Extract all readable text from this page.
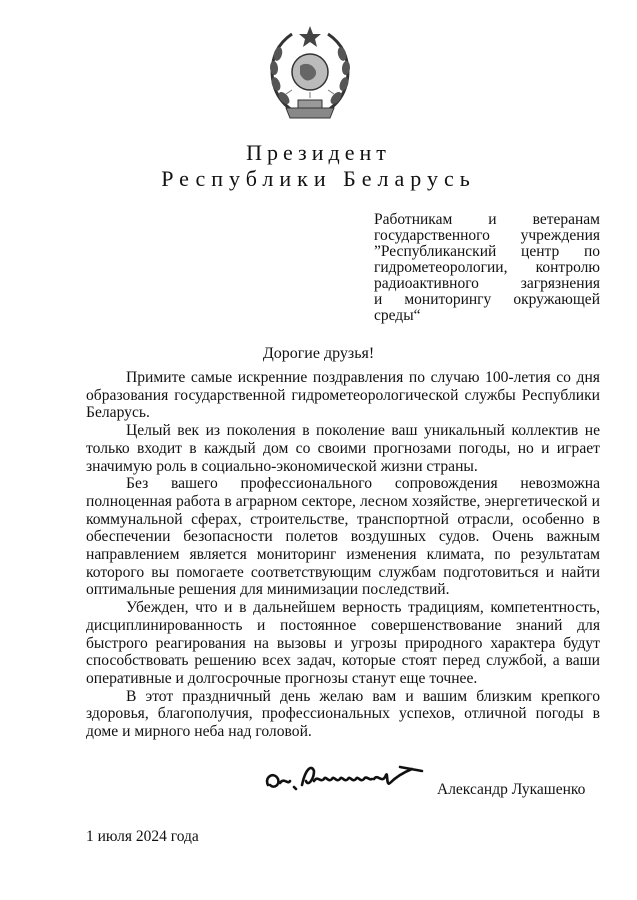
Президент
Республики Беларусь
Работникам и ветеранам
государственного учреждения
”Республиканский центр по
гидрометеорологии, контролю
радиоактивного загрязнения
и мониторингу окружающей
среды“
Дорогие друзья!

Примите самые искренние поздравления по случаю 100-летия со дня образования государственной гидрометеорологической службы Республики Беларусь.

Целый век из поколения в поколение ваш уникальный коллектив не только входит в каждый дом со своими прогнозами погоды, но и играет значимую роль в социально-экономической жизни страны.

Без вашего профессионального сопровождения невозможна полноценная работа в аграрном секторе, лесном хозяйстве, энергетической и коммунальной сферах, строительстве, транспортной отрасли, особенно в обеспечении безопасности полетов воздушных судов. Очень важным направлением является мониторинг изменения климата, по результатам которого вы помогаете соответствующим службам подготовиться и найти оптимальные решения для минимизации последствий.

Убежден, что и в дальнейшем верность традициям, компетентность, дисциплинированность и постоянное совершенствование знаний для быстрого реагирования на вызовы и угрозы природного характера будут способствовать решению всех задач, которые стоят перед службой, а ваши оперативные и долгосрочные прогнозы станут еще точнее.

В этот праздничный день желаю вам и вашим близким крепкого здоровья, благополучия, профессиональных успехов, отличной погоды в доме и мирного неба над головой.

Александр Лукашенко
1 июля 2024 года
